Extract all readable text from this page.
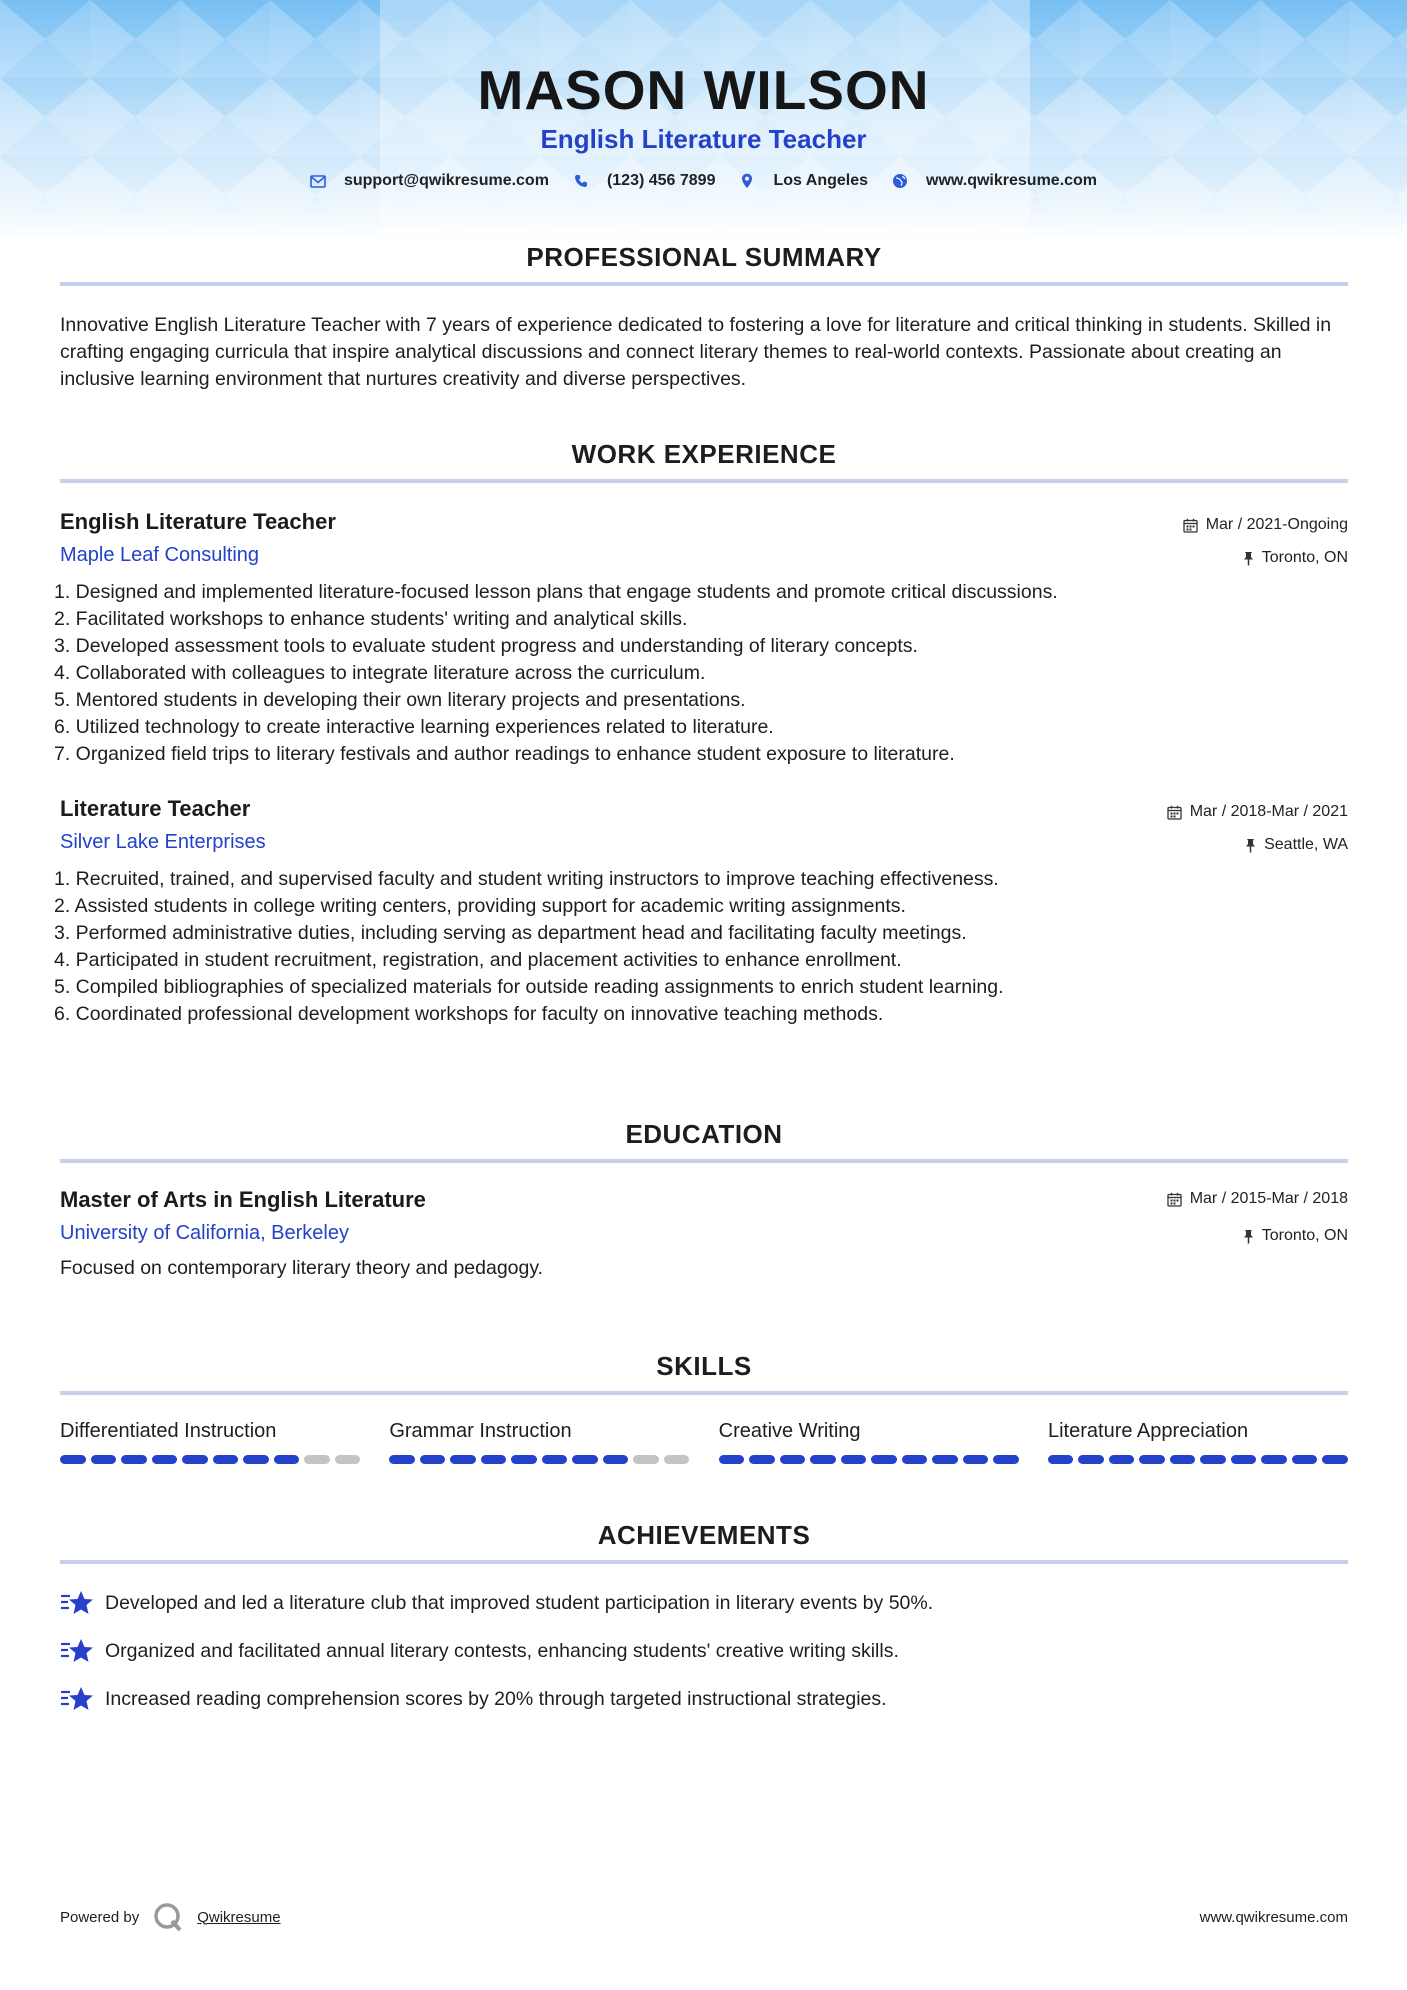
MASON WILSON
English Literature Teacher
support@qwikresume.com	(123) 456 7899	Los Angeles	www.qwikresume.com
PROFESSIONAL SUMMARY
Innovative English Literature Teacher with 7 years of experience dedicated to fostering a love for literature and critical thinking in students. Skilled in crafting engaging curricula that inspire analytical discussions and connect literary themes to real-world contexts. Passionate about creating an inclusive learning environment that nurtures creativity and diverse perspectives.
WORK EXPERIENCE
English Literature Teacher
Maple Leaf Consulting
Mar / 2021-Ongoing
Toronto, ON
1. Designed and implemented literature-focused lesson plans that engage students and promote critical discussions.
2. Facilitated workshops to enhance students' writing and analytical skills.
3. Developed assessment tools to evaluate student progress and understanding of literary concepts.
4. Collaborated with colleagues to integrate literature across the curriculum.
5. Mentored students in developing their own literary projects and presentations.
6. Utilized technology to create interactive learning experiences related to literature.
7. Organized field trips to literary festivals and author readings to enhance student exposure to literature.
Literature Teacher
Silver Lake Enterprises
Mar / 2018-Mar / 2021
Seattle, WA
1. Recruited, trained, and supervised faculty and student writing instructors to improve teaching effectiveness.
2. Assisted students in college writing centers, providing support for academic writing assignments.
3. Performed administrative duties, including serving as department head and facilitating faculty meetings.
4. Participated in student recruitment, registration, and placement activities to enhance enrollment.
5. Compiled bibliographies of specialized materials for outside reading assignments to enrich student learning.
6. Coordinated professional development workshops for faculty on innovative teaching methods.
EDUCATION
Master of Arts in English Literature
University of California, Berkeley
Mar / 2015-Mar / 2018
Toronto, ON
Focused on contemporary literary theory and pedagogy.
SKILLS
Differentiated Instruction	Grammar Instruction	Creative Writing	Literature Appreciation
ACHIEVEMENTS
Developed and led a literature club that improved student participation in literary events by 50%.
Organized and facilitated annual literary contests, enhancing students' creative writing skills.
Increased reading comprehension scores by 20% through targeted instructional strategies.
Powered by	Qwikresume	www.qwikresume.com
